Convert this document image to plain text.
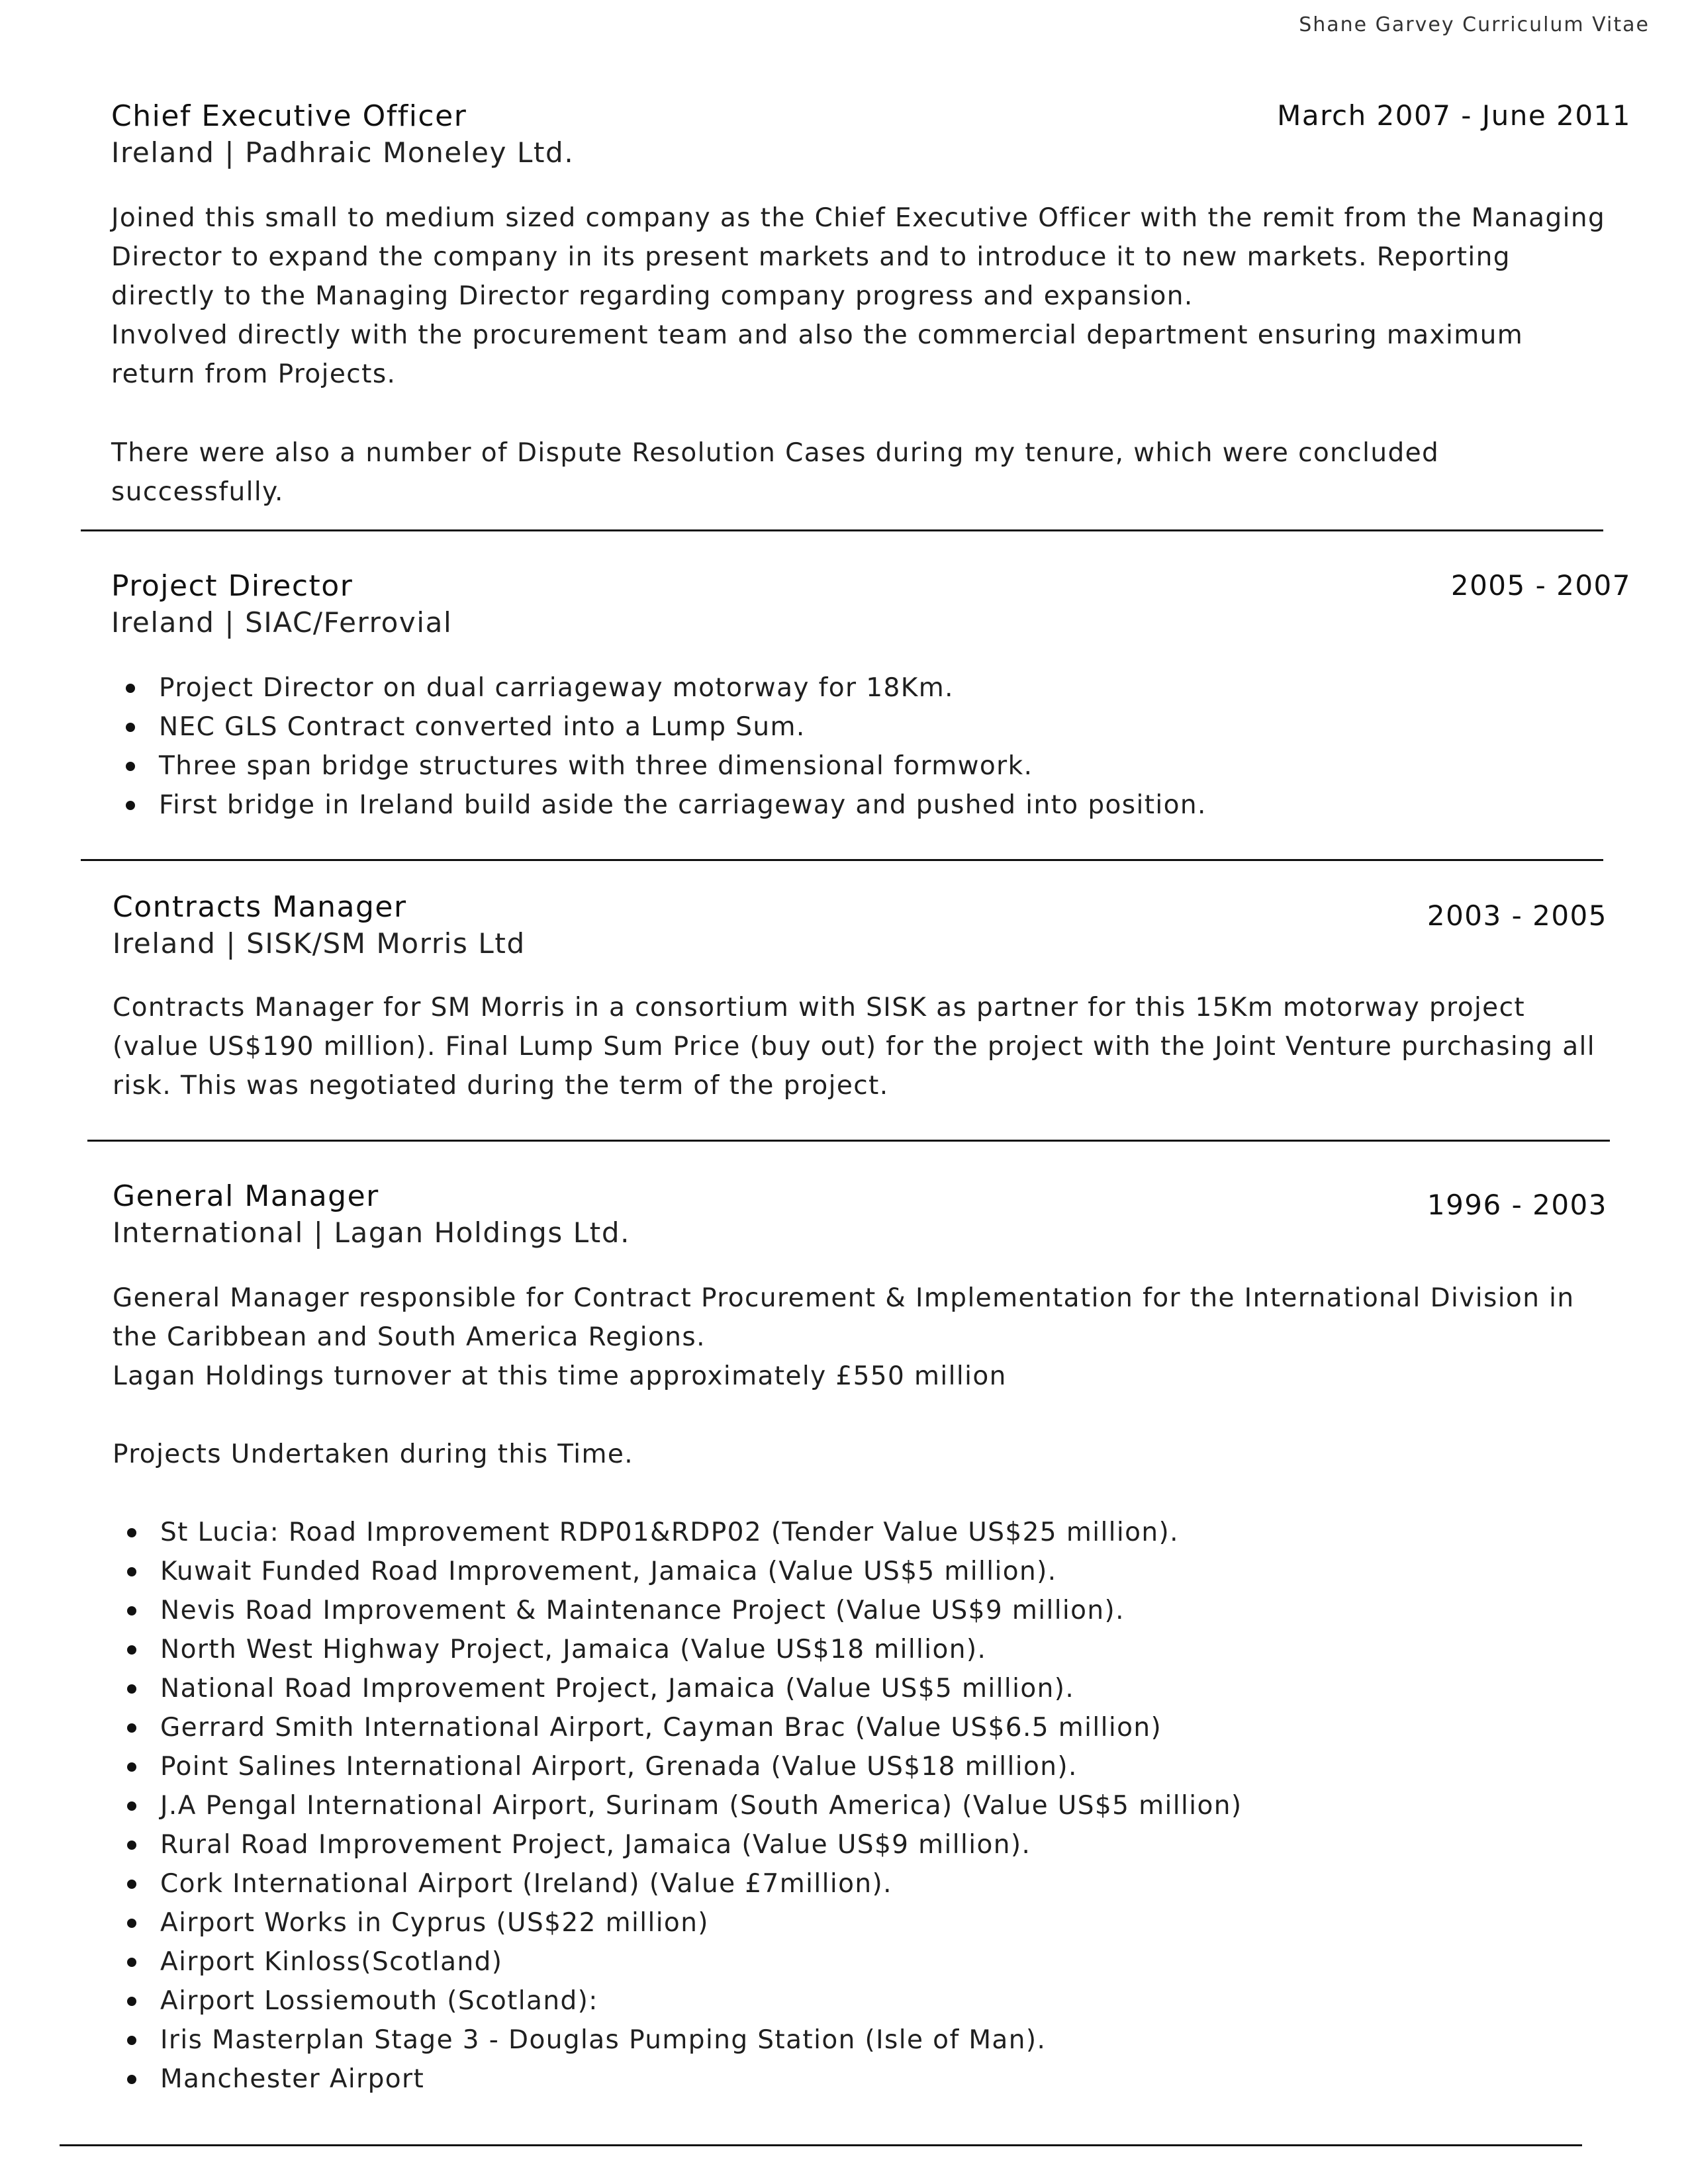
Shane Garvey Curriculum Vitae
Chief Executive Officer	March 2007 - June 2011
Ireland | Padhraic Moneley Ltd.
Joined this small to medium sized company as the Chief Executive Officer with the remit from the Managing
Director to expand the company in its present markets and to introduce it to new markets. Reporting
directly to the Managing Director regarding company progress and expansion.
Involved directly with the procurement team and also the commercial department ensuring maximum
return from Projects.
There were also a number of Dispute Resolution Cases during my tenure, which were concluded
successfully.
Project Director	2005 - 2007
Ireland | SIAC/Ferrovial
Project Director on dual carriageway motorway for 18Km.
NEC GLS Contract converted into a Lump Sum.
Three span bridge structures with three dimensional formwork.
First bridge in Ireland build aside the carriageway and pushed into position.
Contracts Manager	2003 - 2005
Ireland | SISK/SM Morris Ltd
Contracts Manager for SM Morris in a consortium with SISK as partner for this 15Km motorway project
(value US$190 million). Final Lump Sum Price (buy out) for the project with the Joint Venture purchasing all
risk. This was negotiated during the term of the project.
General Manager	1996 - 2003
International | Lagan Holdings Ltd.
General Manager responsible for Contract Procurement & Implementation for the International Division in
the Caribbean and South America Regions.
Lagan Holdings turnover at this time approximately £550 million
Projects Undertaken during this Time.
St Lucia: Road Improvement RDP01&RDP02 (Tender Value US$25 million).
Kuwait Funded Road Improvement, Jamaica (Value US$5 million).
Nevis Road Improvement & Maintenance Project (Value US$9 million).
North West Highway Project, Jamaica (Value US$18 million).
National Road Improvement Project, Jamaica (Value US$5 million).
Gerrard Smith International Airport, Cayman Brac (Value US$6.5 million)
Point Salines International Airport, Grenada (Value US$18 million).
J.A Pengal International Airport, Surinam (South America) (Value US$5 million)
Rural Road Improvement Project, Jamaica (Value US$9 million).
Cork International Airport (Ireland) (Value £7million).
Airport Works in Cyprus (US$22 million)
Airport Kinloss(Scotland)
Airport Lossiemouth (Scotland):
Iris Masterplan Stage 3 - Douglas Pumping Station (Isle of Man).
Manchester Airport
